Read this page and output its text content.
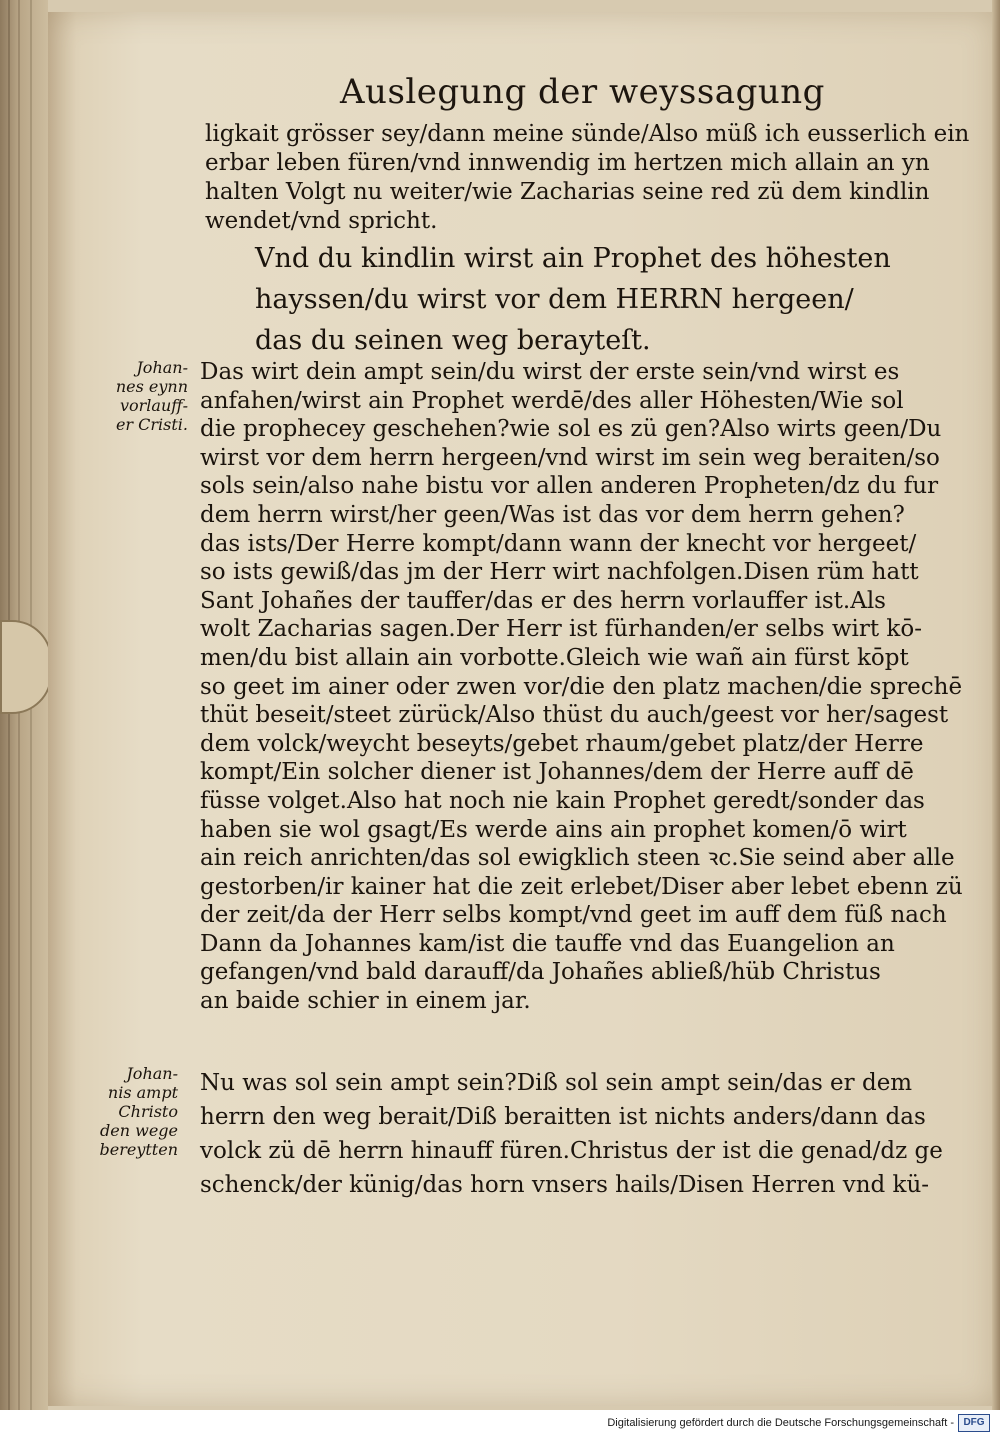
Auslegung der weyssagung
ligkait grösser sey/dann meine sünde/Also müß ich eusserlich ein
erbar leben füren/vnd innwendig im hertzen mich allain an yn
halten Volgt nu weiter/wie Zacharias seine red zü dem kindlin
wendet/vnd spricht.
Vnd du kindlin wirst ain Prophet des höhesten
hayssen/du wirst vor dem HERRN hergeen/
das du seinen weg berayteſt.
Johan-
nes eynn
vorlauff-
er Cristi.
Das wirt dein ampt sein/du wirst der erste sein/vnd wirst es
anfahen/wirst ain Prophet werdē/des aller Höhesten/Wie sol
die prophecey geschehen?wie sol es zü gen?Also wirts geen/Du
wirst vor dem herrn hergeen/vnd wirst im sein weg beraiten/so
sols sein/also nahe bistu vor allen anderen Propheten/dz du fur
dem herrn wirst/her geen/Was ist das vor dem herrn gehen?
das ists/Der Herre kompt/dann wann der knecht vor hergeet/
so ists gewiß/das jm der Herr wirt nachfolgen.Disen rüm hatt
Sant Johañes der tauffer/das er des herrn vorlauffer ist.Als
wolt Zacharias sagen.Der Herr ist fürhanden/er selbs wirt kō-
men/du bist allain ain vorbotte.Gleich wie wañ ain fürst kōpt
so geet im ainer oder zwen vor/die den platz machen/die sprechē
thüt beseit/steet zürück/Also thüst du auch/geest vor her/sagest
dem volck/weycht beseyts/gebet rhaum/gebet platz/der Herre
kompt/Ein solcher diener ist Johannes/dem der Herre auff dē
füsse volget.Also hat noch nie kain Prophet geredt/sonder das
haben sie wol gsagt/Es werde ains ain prophet komen/ō wirt
ain reich anrichten/das sol ewigklich steen ꝛc.Sie seind aber alle
gestorben/ir kainer hat die zeit erlebet/Diser aber lebet ebenn zü
der zeit/da der Herr selbs kompt/vnd geet im auff dem füß nach
Dann da Johannes kam/ist die tauffe vnd das Euangelion an
gefangen/vnd bald darauff/da Johañes abließ/hüb Christus
an baide schier in einem jar.
Johan-
nis ampt
Christo
den wege
bereytten
Nu was sol sein ampt sein?Diß sol sein ampt sein/das er dem
herrn den weg berait/Diß beraitten ist nichts anders/dann das
volck zü dē herrn hinauff füren.Christus der ist die genad/dz ge
schenck/der künig/das horn vnsers hails/Disen Herren vnd kü-
Digitalisierung gefördert durch die Deutsche Forschungsgemeinschaft - DFG
